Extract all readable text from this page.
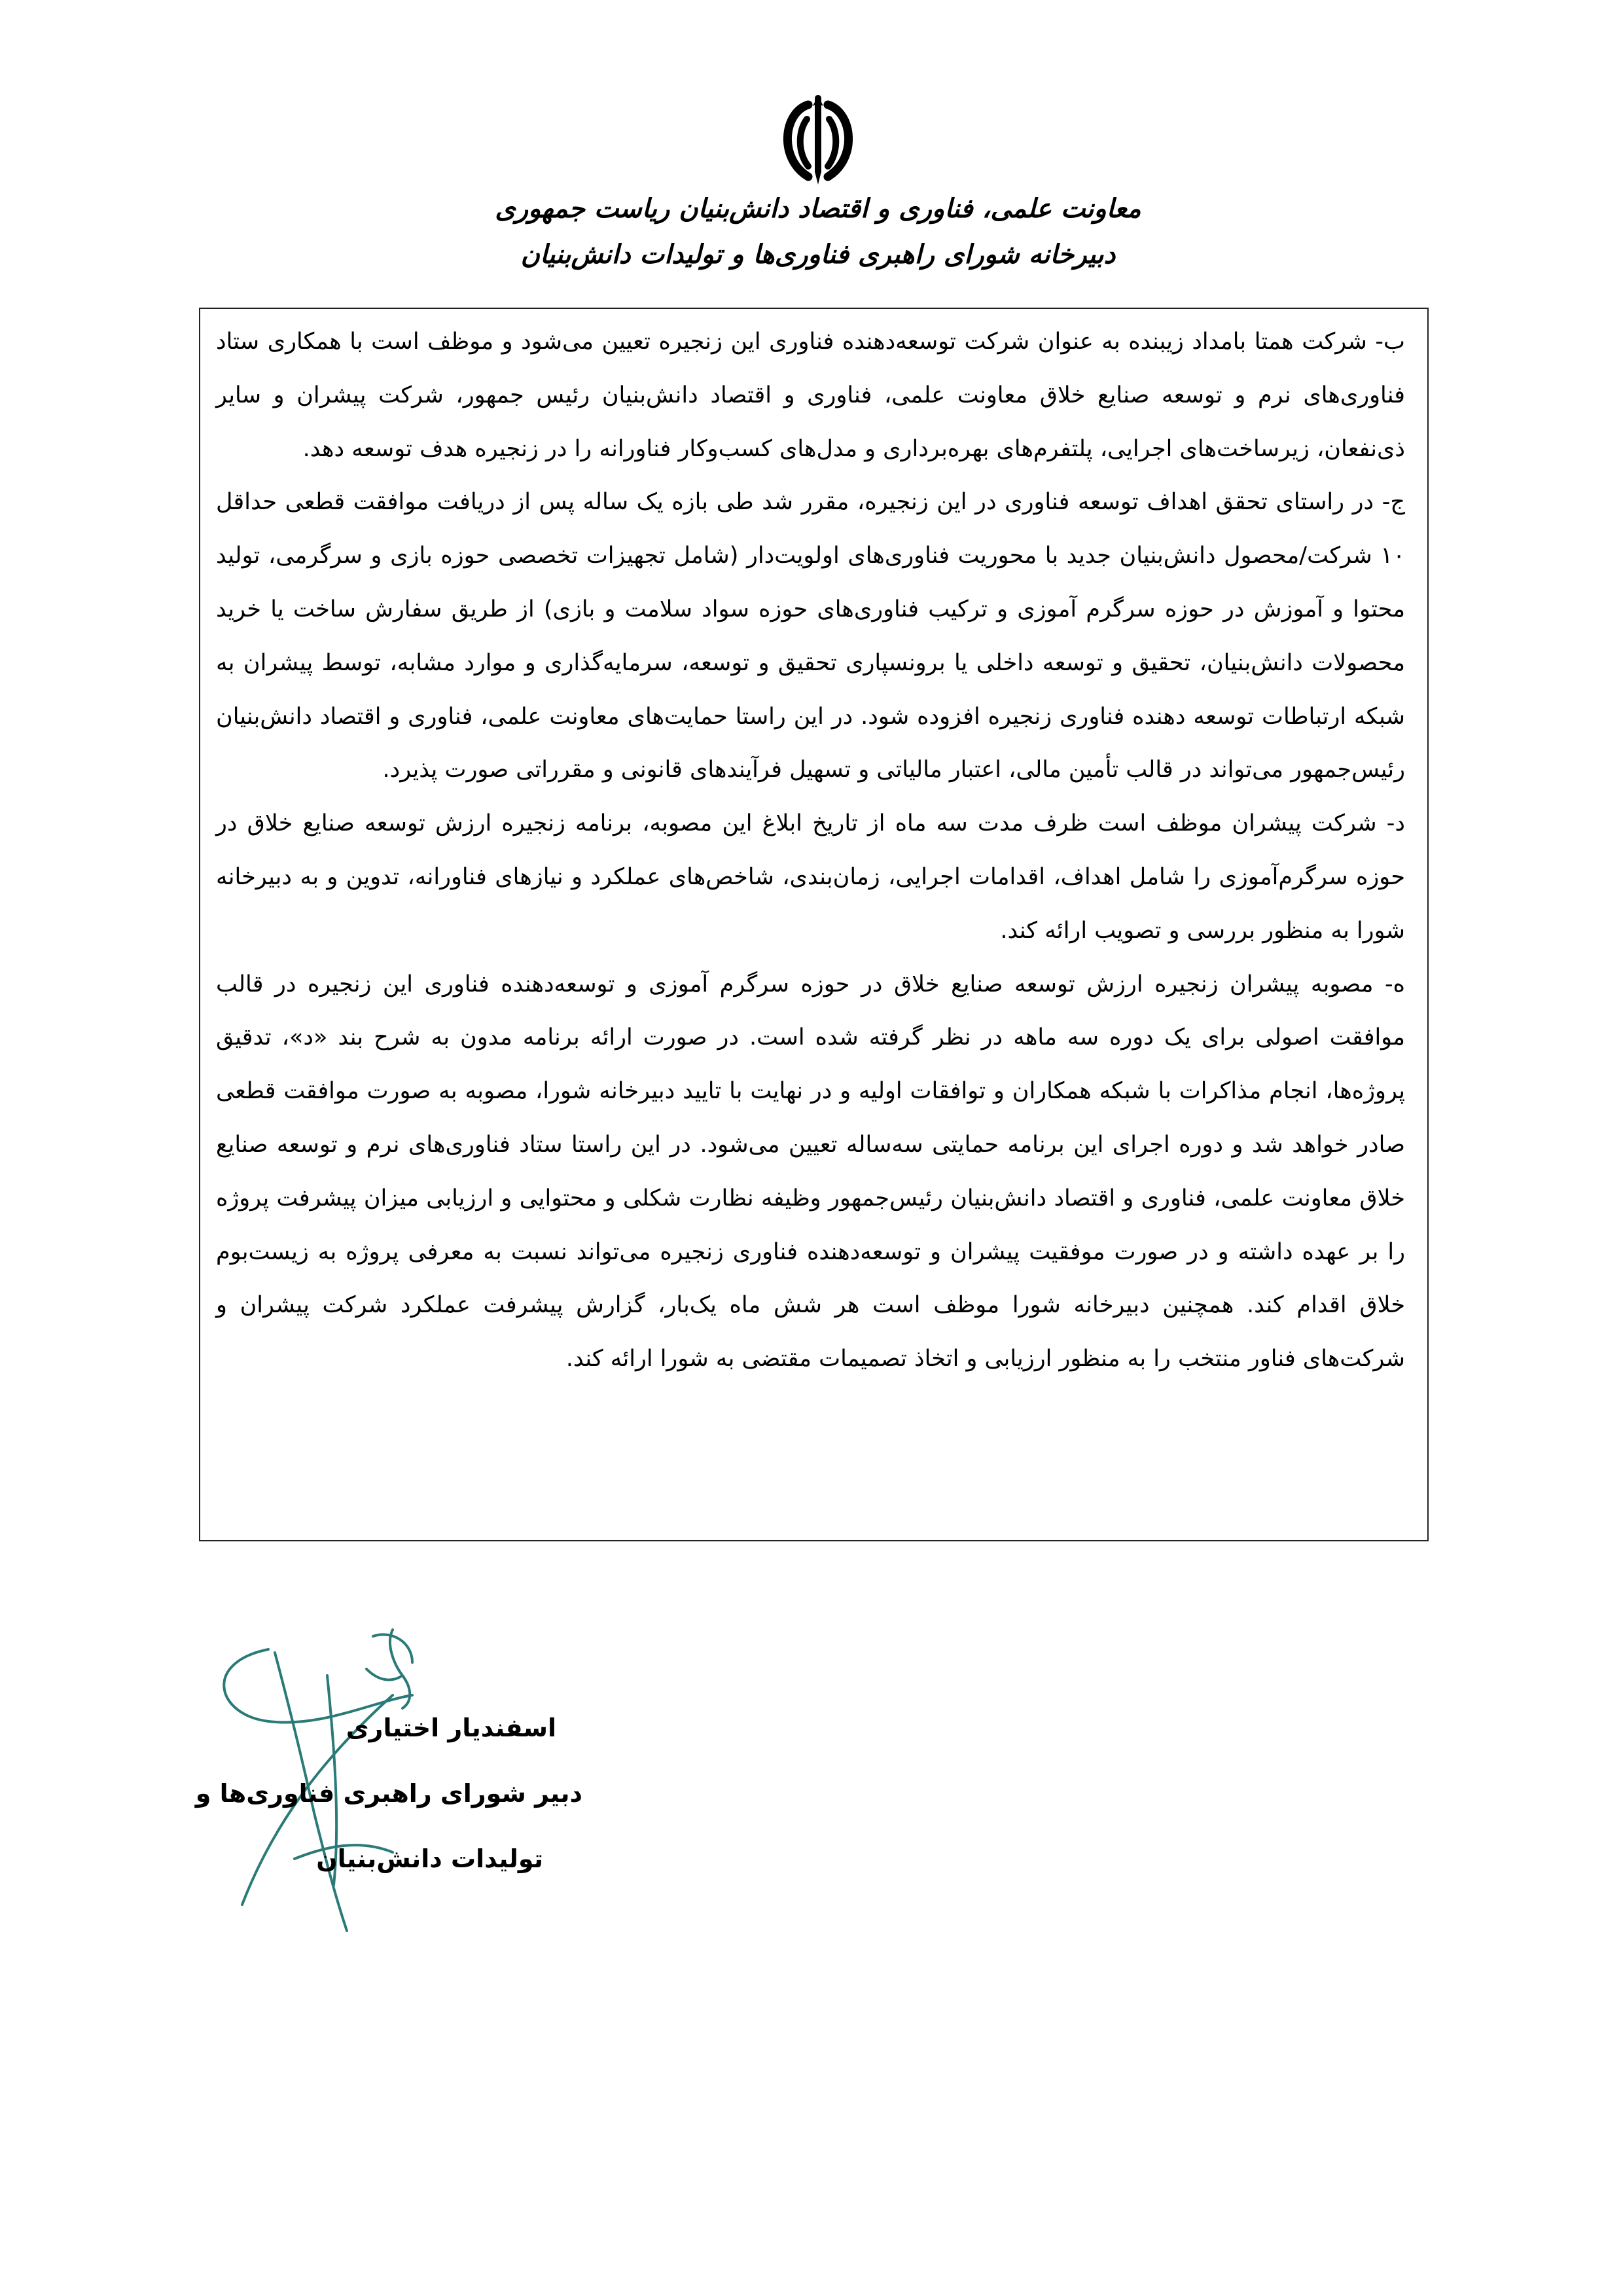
معاونت علمی، فناوری و اقتصاد دانش‌بنیان ریاست جمهوری
دبیرخانه شورای راهبری فناوری‌ها و تولیدات دانش‌بنیان

ب- شرکت همتا بامداد زیبنده به عنوان شرکت توسعه‌دهنده فناوری این زنجیره تعیین می‌شود و موظف است با همکاری ستاد فناوری‌های نرم و توسعه صنایع خلاق معاونت علمی، فناوری و اقتصاد دانش‌بنیان رئیس جمهور، شرکت پیشران و سایر ذی‌نفعان، زیرساخت‌های اجرایی، پلتفرم‌های بهره‌برداری و مدل‌های کسب‌وکار فناورانه را در زنجیره هدف توسعه دهد.

ج- در راستای تحقق اهداف توسعه فناوری در این زنجیره، مقرر شد طی بازه یک ساله پس از دریافت موافقت قطعی حداقل ۱۰ شرکت/محصول دانش‌بنیان جدید با محوریت فناوری‌های اولویت‌دار (شامل تجهیزات تخصصی حوزه بازی و سرگرمی، تولید محتوا و آموزش در حوزه سرگرم آموزی و ترکیب فناوری‌های حوزه سواد سلامت و بازی) از طریق سفارش ساخت یا خرید محصولات دانش‌بنیان، تحقیق و توسعه داخلی یا برونسپاری تحقیق و توسعه، سرمایه‌گذاری و موارد مشابه، توسط پیشران به شبکه ارتباطات توسعه دهنده فناوری زنجیره افزوده شود. در این راستا حمایت‌های معاونت علمی، فناوری و اقتصاد دانش‌بنیان رئیس‌جمهور می‌تواند در قالب تأمین مالی، اعتبار مالیاتی و تسهیل فرآیندهای قانونی و مقرراتی صورت پذیرد.

د- شرکت پیشران موظف است ظرف مدت سه ماه از تاریخ ابلاغ این مصوبه، برنامه زنجیره ارزش توسعه صنایع خلاق در حوزه سرگرم‌آموزی را شامل اهداف، اقدامات اجرایی، زمان‌بندی، شاخص‌های عملکرد و نیازهای فناورانه، تدوین و به دبیرخانه شورا به منظور بررسی و تصویب ارائه کند.

ه- مصوبه پیشران زنجیره ارزش توسعه صنایع خلاق در حوزه سرگرم آموزی و توسعه‌دهنده فناوری این زنجیره در قالب موافقت اصولی برای یک دوره سه ماهه در نظر گرفته شده است. در صورت ارائه برنامه مدون به شرح بند «د»، تدقیق پروژه‌ها، انجام مذاکرات با شبکه همکاران و توافقات اولیه و در نهایت با تایید دبیرخانه شورا، مصوبه به صورت موافقت قطعی صادر خواهد شد و دوره اجرای این برنامه حمایتی سه‌ساله تعیین می‌شود. در این راستا ستاد فناوری‌های نرم و توسعه صنایع خلاق معاونت علمی، فناوری و اقتصاد دانش‌بنیان رئیس‌جمهور وظیفه نظارت شکلی و محتوایی و ارزیابی میزان پیشرفت پروژه را بر عهده داشته و در صورت موفقیت پیشران و توسعه‌دهنده فناوری زنجیره می‌تواند نسبت به معرفی پروژه به زیست‌بوم خلاق اقدام کند. همچنین دبیرخانه شورا موظف است هر شش ماه یک‌بار، گزارش پیشرفت عملکرد شرکت پیشران و شرکت‌های فناور منتخب را به منظور ارزیابی و اتخاذ تصمیمات مقتضی به شورا ارائه کند.

اسفندیار اختیاری
دبیر شورای راهبری فناوری‌ها و
تولیدات دانش‌بنیان
